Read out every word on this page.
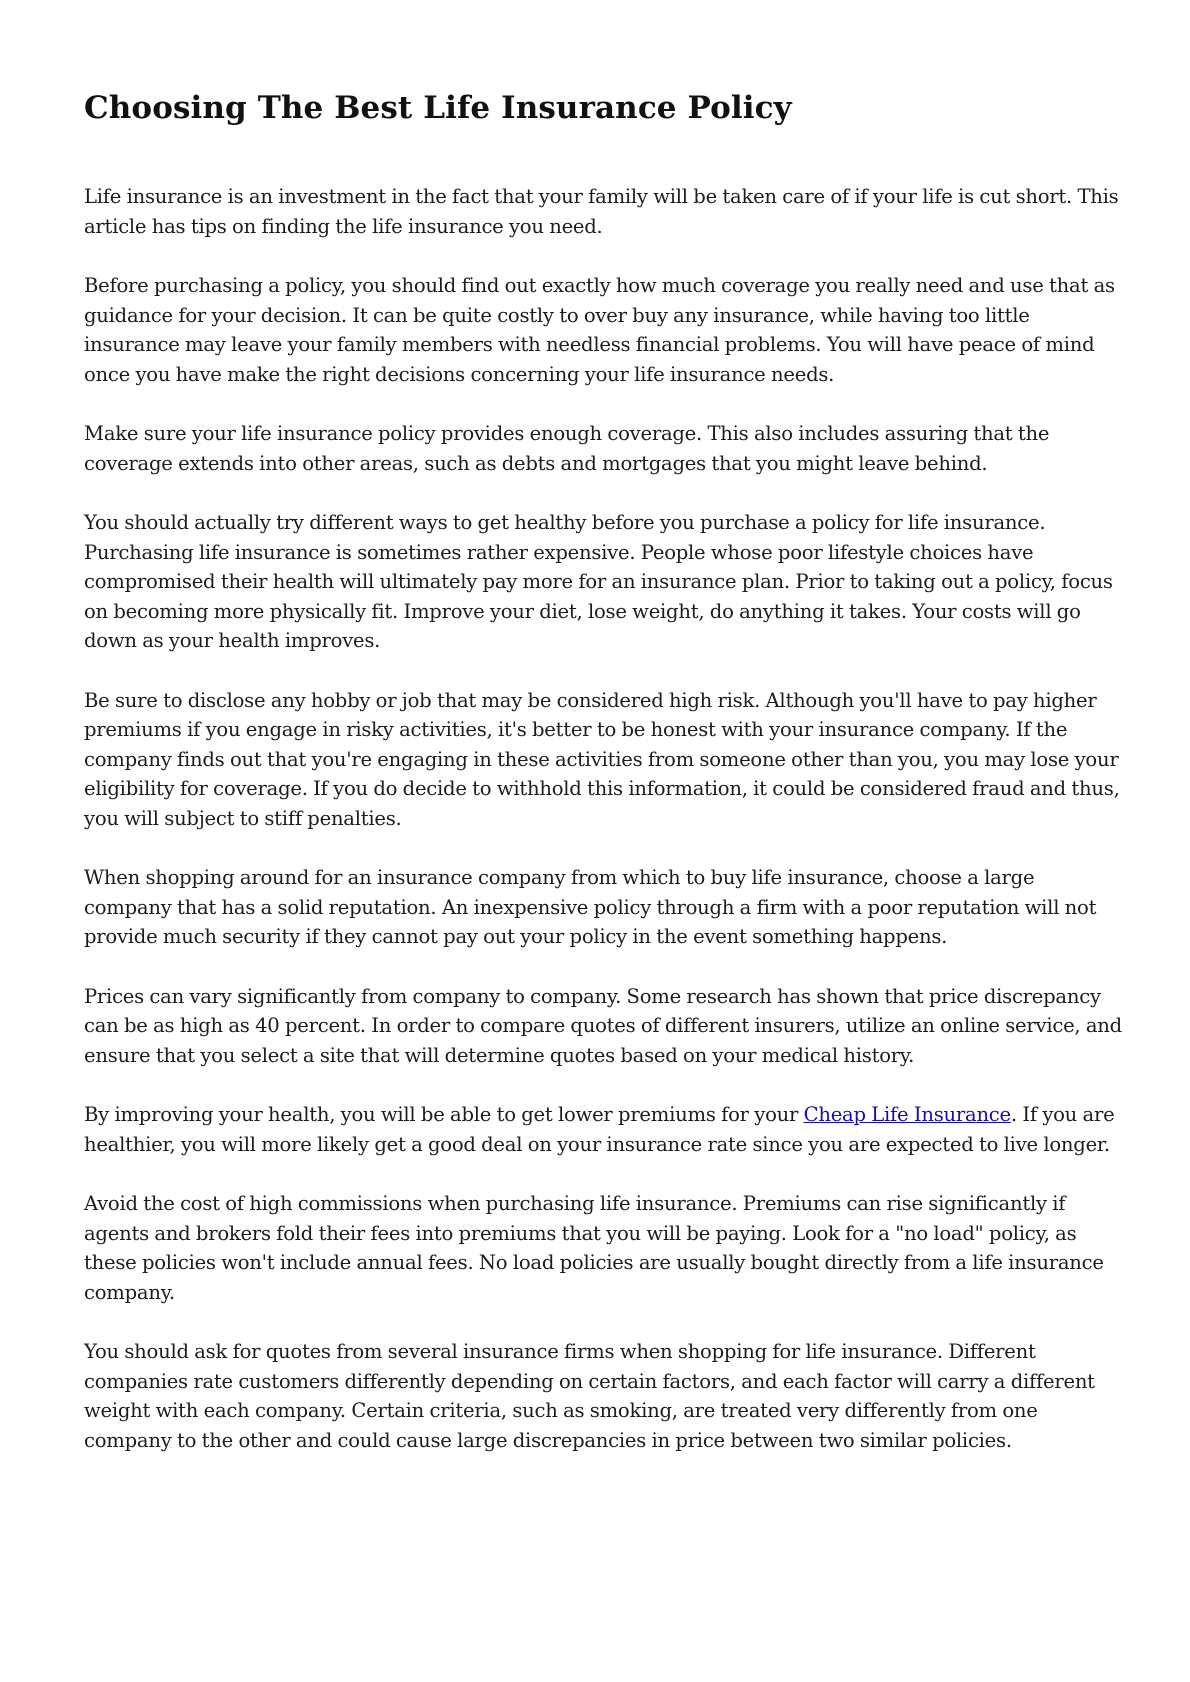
Choosing The Best Life Insurance Policy

Life insurance is an investment in the fact that your family will be taken care of if your life is cut short. This article has tips on finding the life insurance you need.

Before purchasing a policy, you should find out exactly how much coverage you really need and use that as guidance for your decision. It can be quite costly to over buy any insurance, while having too little insurance may leave your family members with needless financial problems. You will have peace of mind once you have make the right decisions concerning your life insurance needs.

Make sure your life insurance policy provides enough coverage. This also includes assuring that the coverage extends into other areas, such as debts and mortgages that you might leave behind.

You should actually try different ways to get healthy before you purchase a policy for life insurance. Purchasing life insurance is sometimes rather expensive. People whose poor lifestyle choices have compromised their health will ultimately pay more for an insurance plan. Prior to taking out a policy, focus on becoming more physically fit. Improve your diet, lose weight, do anything it takes. Your costs will go down as your health improves.

Be sure to disclose any hobby or job that may be considered high risk. Although you'll have to pay higher premiums if you engage in risky activities, it's better to be honest with your insurance company. If the company finds out that you're engaging in these activities from someone other than you, you may lose your eligibility for coverage. If you do decide to withhold this information, it could be considered fraud and thus, you will subject to stiff penalties.

When shopping around for an insurance company from which to buy life insurance, choose a large company that has a solid reputation. An inexpensive policy through a firm with a poor reputation will not provide much security if they cannot pay out your policy in the event something happens.

Prices can vary significantly from company to company. Some research has shown that price discrepancy can be as high as 40 percent. In order to compare quotes of different insurers, utilize an online service, and ensure that you select a site that will determine quotes based on your medical history.

By improving your health, you will be able to get lower premiums for your Cheap Life Insurance. If you are healthier, you will more likely get a good deal on your insurance rate since you are expected to live longer.

Avoid the cost of high commissions when purchasing life insurance. Premiums can rise significantly if agents and brokers fold their fees into premiums that you will be paying. Look for a "no load" policy, as these policies won't include annual fees. No load policies are usually bought directly from a life insurance company.

You should ask for quotes from several insurance firms when shopping for life insurance. Different companies rate customers differently depending on certain factors, and each factor will carry a different weight with each company. Certain criteria, such as smoking, are treated very differently from one company to the other and could cause large discrepancies in price between two similar policies.
